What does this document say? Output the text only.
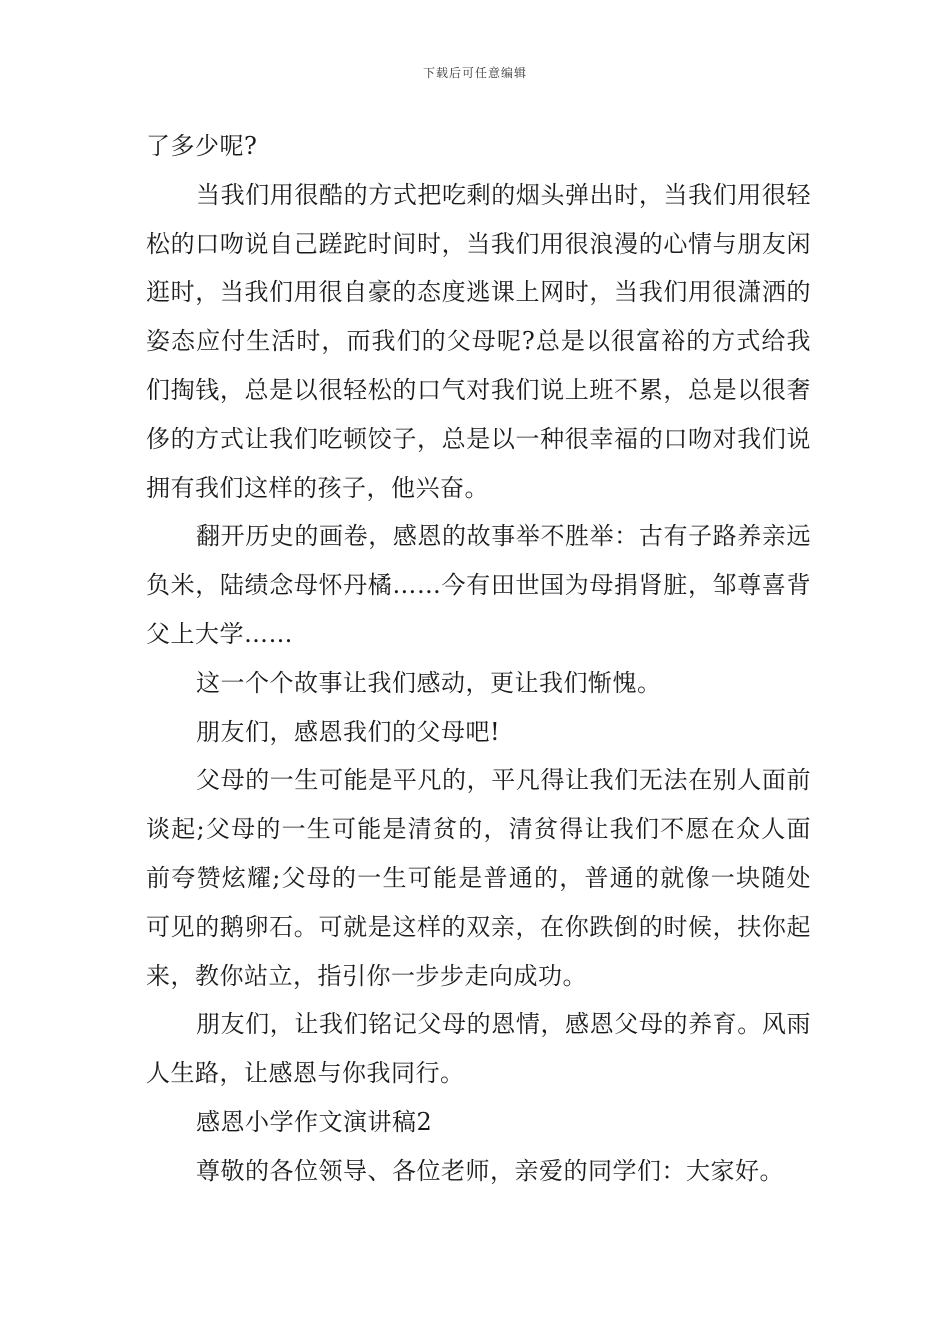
下载后可任意编辑

了多少呢?

当我们用很酷的方式把吃剩的烟头弹出时，当我们用很轻松的口吻说自己蹉跎时间时，当我们用很浪漫的心情与朋友闲逛时，当我们用很自豪的态度逃课上网时，当我们用很潇洒的姿态应付生活时，而我们的父母呢?总是以很富裕的方式给我们掏钱，总是以很轻松的口气对我们说上班不累，总是以很奢侈的方式让我们吃顿饺子，总是以一种很幸福的口吻对我们说拥有我们这样的孩子，他兴奋。

翻开历史的画卷，感恩的故事举不胜举：古有子路养亲远负米，陆绩念母怀丹橘……今有田世国为母捐肾脏，邹尊喜背父上大学……

这一个个故事让我们感动，更让我们惭愧。

朋友们，感恩我们的父母吧!

父母的一生可能是平凡的，平凡得让我们无法在别人面前谈起;父母的一生可能是清贫的，清贫得让我们不愿在众人面前夸赞炫耀;父母的一生可能是普通的，普通的就像一块随处可见的鹅卵石。可就是这样的双亲，在你跌倒的时候，扶你起来，教你站立，指引你一步步走向成功。

朋友们，让我们铭记父母的恩情，感恩父母的养育。风雨人生路，让感恩与你我同行。

感恩小学作文演讲稿2

尊敬的各位领导、各位老师，亲爱的同学们：大家好。
